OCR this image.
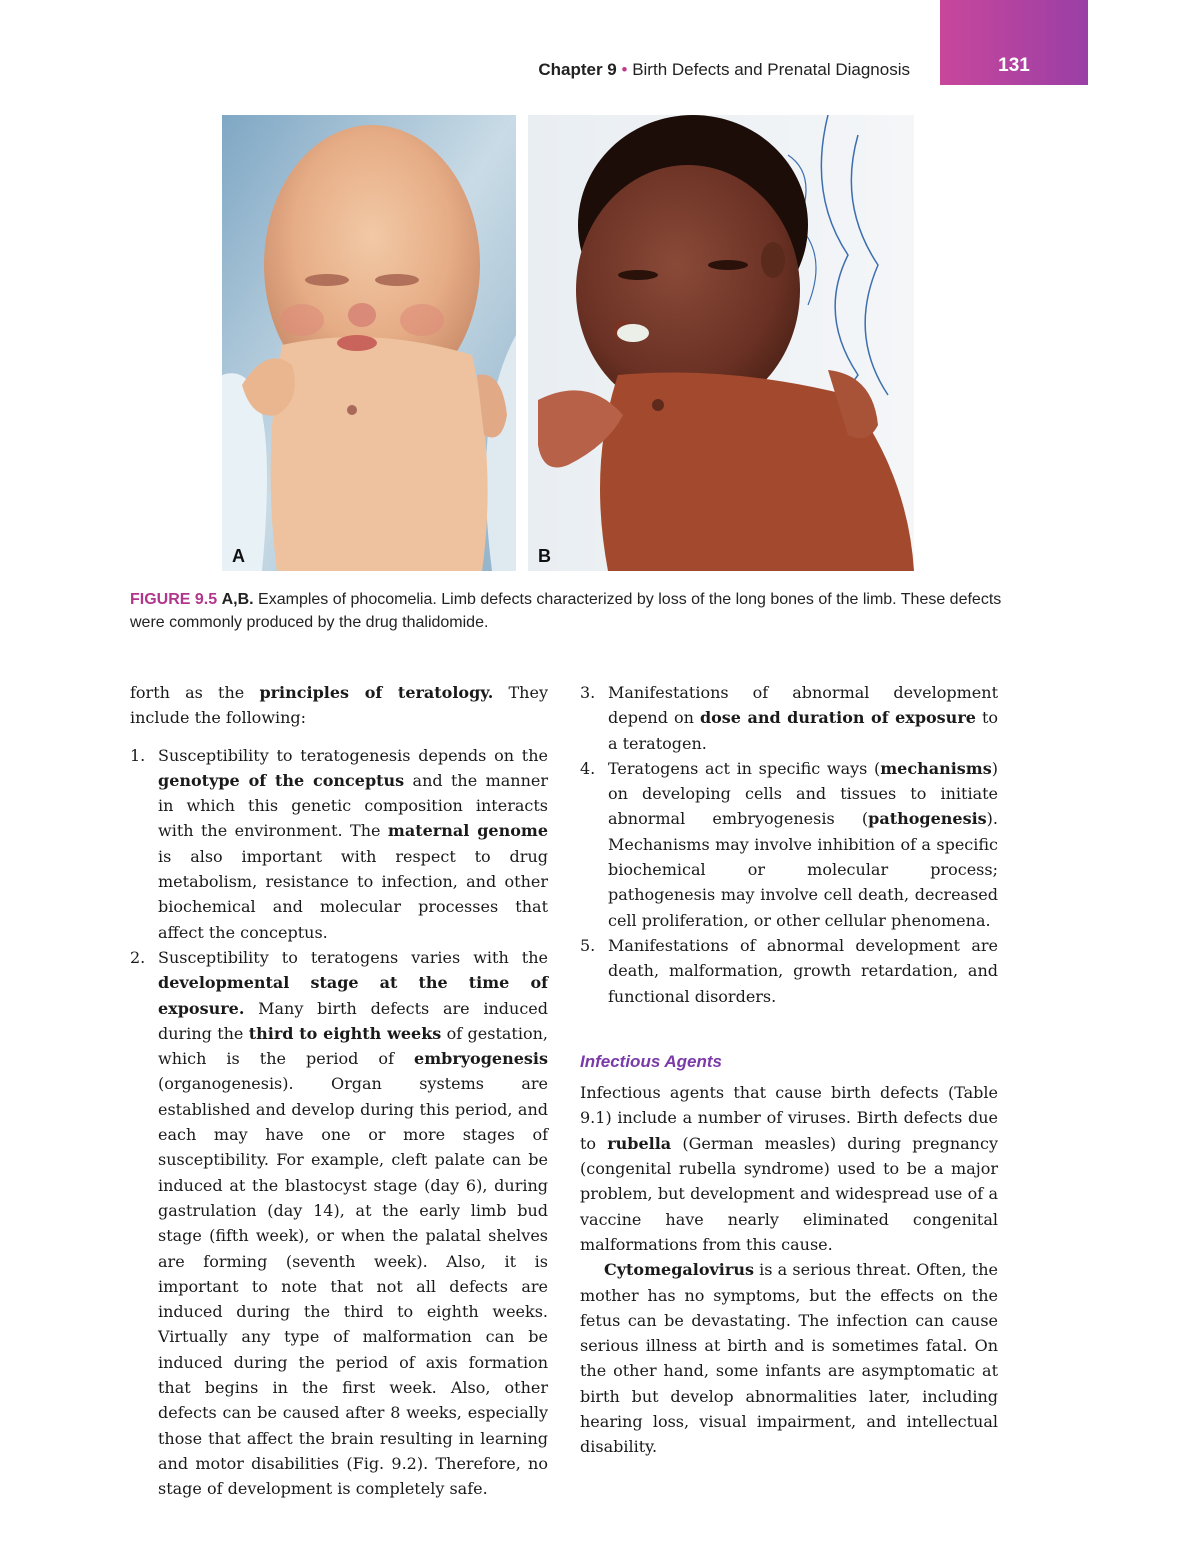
Chapter 9 • Birth Defects and Prenatal Diagnosis	131
A	B
FIGURE 9.5 A,B. Examples of phocomelia. Limb defects characterized by loss of the long bones of the limb. These defects were commonly produced by the drug thalidomide.

forth as the principles of teratology. They include the following:

1. Susceptibility to teratogenesis depends on the genotype of the conceptus and the manner in which this genetic composition interacts with the environment. The maternal genome is also important with respect to drug metabolism, resistance to infection, and other biochemical and molecular processes that affect the conceptus.
2. Susceptibility to teratogens varies with the developmental stage at the time of exposure. Many birth defects are induced during the third to eighth weeks of gestation, which is the period of embryogenesis (organogenesis). Organ systems are established and develop during this period, and each may have one or more stages of susceptibility. For example, cleft palate can be induced at the blastocyst stage (day 6), during gastrulation (day 14), at the early limb bud stage (fifth week), or when the palatal shelves are forming (seventh week). Also, it is important to note that not all defects are induced during the third to eighth weeks. Virtually any type of malformation can be induced during the period of axis formation that begins in the first week. Also, other defects can be caused after 8 weeks, especially those that affect the brain resulting in learning and motor disabilities (Fig. 9.2). Therefore, no stage of development is completely safe.
3. Manifestations of abnormal development depend on dose and duration of exposure to a teratogen.
4. Teratogens act in specific ways (mechanisms) on developing cells and tissues to initiate abnormal embryogenesis (pathogenesis). Mechanisms may involve inhibition of a specific biochemical or molecular process; pathogenesis may involve cell death, decreased cell proliferation, or other cellular phenomena.
5. Manifestations of abnormal development are death, malformation, growth retardation, and functional disorders.
Infectious Agents

Infectious agents that cause birth defects (Table 9.1) include a number of viruses. Birth defects due to rubella (German measles) during pregnancy (congenital rubella syndrome) used to be a major problem, but development and widespread use of a vaccine have nearly eliminated congenital malformations from this cause.

Cytomegalovirus is a serious threat. Often, the mother has no symptoms, but the effects on the fetus can be devastating. The infection can cause serious illness at birth and is sometimes fatal. On the other hand, some infants are asymptomatic at birth but develop abnormalities later, including hearing loss, visual impairment, and intellectual disability.
